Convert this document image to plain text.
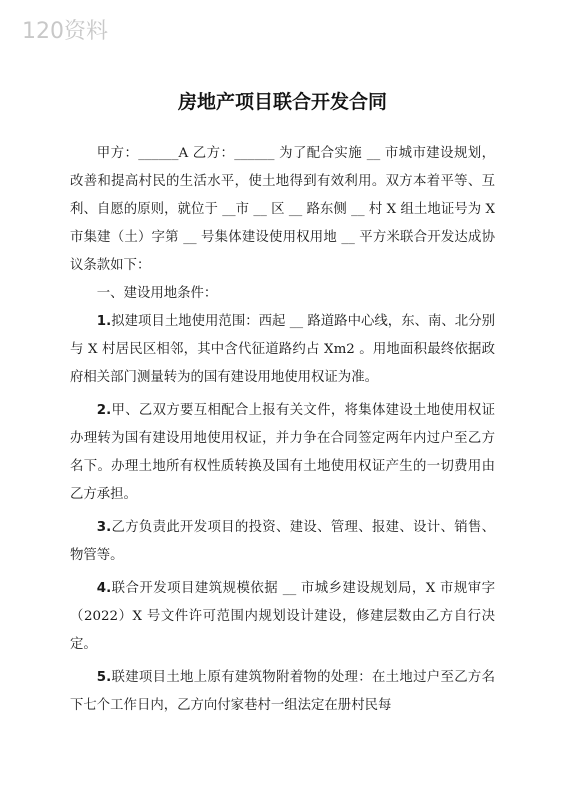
120资料
房地产项目联合开发合同

甲方：______A 乙方：______ 为了配合实施 __ 市城市建设规划，改善和提高村民的生活水平，使土地得到有效利用。双方本着平等、互利、自愿的原则，就位于 __市 __ 区 __ 路东侧 __ 村 X 组土地证号为 X 市集建（土）字第 __ 号集体建设使用权用地 __ 平方米联合开发达成协议条款如下：

一、建设用地条件：

1.拟建项目土地使用范围：西起 __ 路道路中心线，东、南、北分别与 X 村居民区相邻，其中含代征道路约占 Xm2 。用地面积最终依据政府相关部门测量转为的国有建设用地使用权证为准。

2.甲、乙双方要互相配合上报有关文件，将集体建设土地使用权证办理转为国有建设用地使用权证，并力争在合同签定两年内过户至乙方名下。办理土地所有权性质转换及国有土地使用权证产生的一切费用由乙方承担。

3.乙方负责此开发项目的投资、建设、管理、报建、设计、销售、物管等。

4.联合开发项目建筑规模依据 __ 市城乡建设规划局，X 市规审字（2022）X 号文件许可范围内规划设计建设，修建层数由乙方自行决定。

5.联建项目土地上原有建筑物附着物的处理：在土地过户至乙方名下七个工作日内，乙方向付家巷村一组法定在册村民每
